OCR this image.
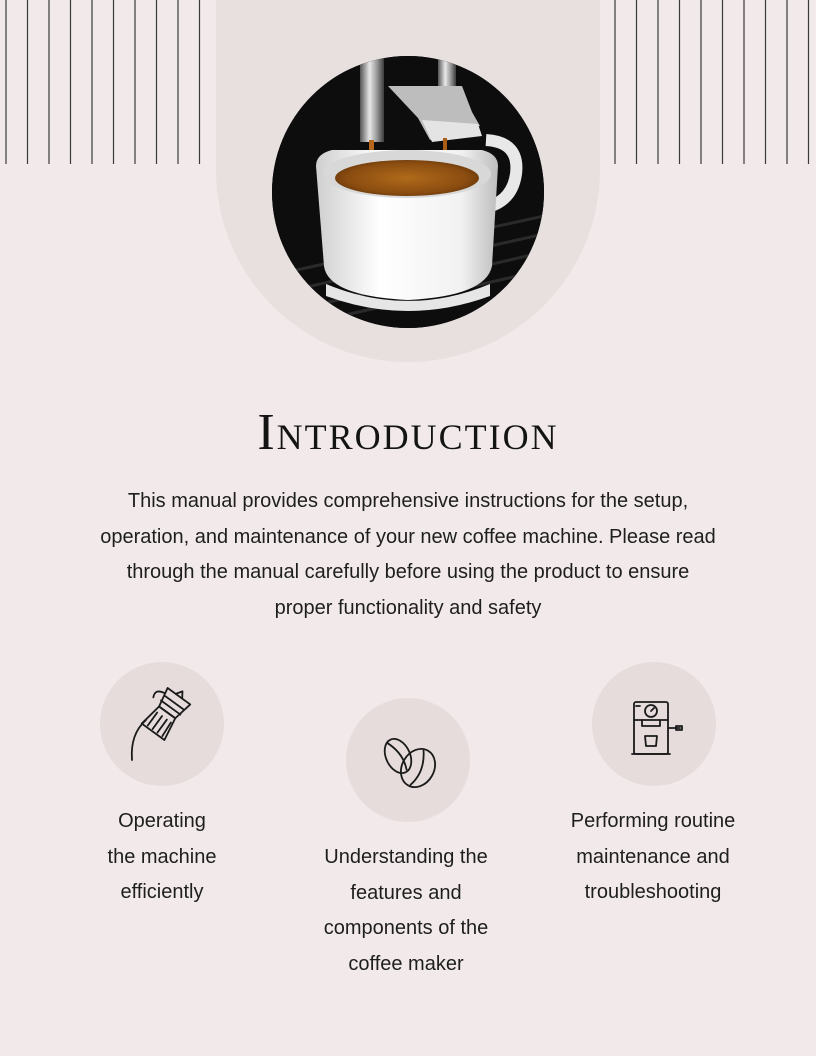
Introduction

This manual provides comprehensive instructions for the setup,
operation, and maintenance of your new coffee machine. Please read
through the manual carefully before using the product to ensure
proper functionality and safety

Operating
the machine
efficiently

Understanding the
features and
components of the
coffee maker

Performing routine
maintenance and
troubleshooting
